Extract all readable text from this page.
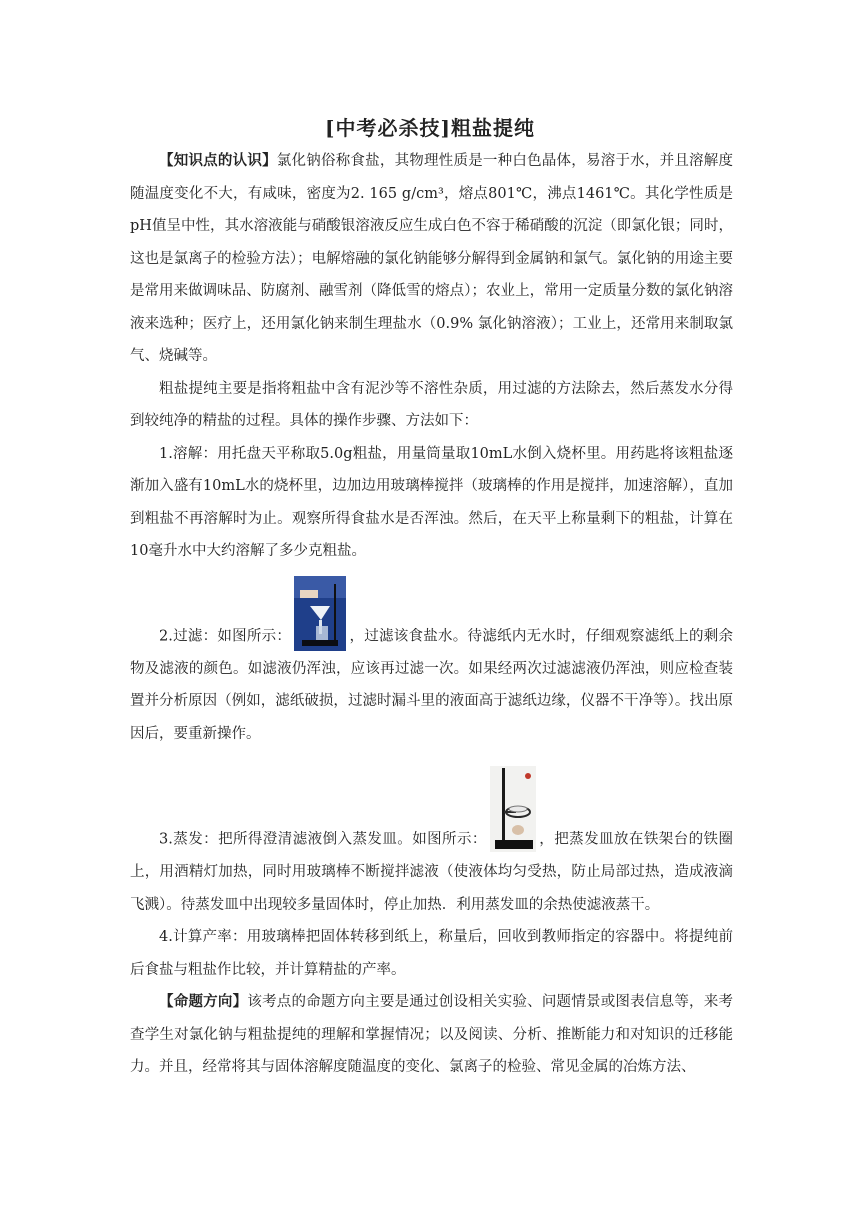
[中考必杀技]粗盐提纯

【知识点的认识】氯化钠俗称食盐，其物理性质是一种白色晶体，易溶于水，并且溶解度随温度变化不大，有咸味，密度为2. 165 g/cm³，熔点801℃，沸点1461℃。其化学性质是pH值呈中性，其水溶液能与硝酸银溶液反应生成白色不容于稀硝酸的沉淀（即氯化银；同时，这也是氯离子的检验方法）；电解熔融的氯化钠能够分解得到金属钠和氯气。氯化钠的用途主要是常用来做调味品、防腐剂、融雪剂（降低雪的熔点）；农业上，常用一定质量分数的氯化钠溶液来选种；医疗上，还用氯化钠来制生理盐水（0.9% 氯化钠溶液）；工业上，还常用来制取氯气、烧碱等。

粗盐提纯主要是指将粗盐中含有泥沙等不溶性杂质，用过滤的方法除去，然后蒸发水分得到较纯净的精盐的过程。具体的操作步骤、方法如下：

1.溶解：用托盘天平称取5.0g粗盐，用量筒量取10mL水倒入烧杯里。用药匙将该粗盐逐渐加入盛有10mL水的烧杯里，边加边用玻璃棒搅拌（玻璃棒的作用是搅拌，加速溶解），直加到粗盐不再溶解时为止。观察所得食盐水是否浑浊。然后，在天平上称量剩下的粗盐，计算在10毫升水中大约溶解了多少克粗盐。

2.过滤：如图所示：	，过滤该食盐水。待滤纸内无水时，仔细观察滤纸上的剩余物及滤液的颜色。如滤液仍浑浊，应该再过滤一次。如果经两次过滤滤液仍浑浊，则应检查装置并分析原因（例如，滤纸破损，过滤时漏斗里的液面高于滤纸边缘，仪器不干净等）。找出原因后，要重新操作。

3.蒸发：把所得澄清滤液倒入蒸发皿。如图所示：	，把蒸发皿放在铁架台的铁圈上，用酒精灯加热，同时用玻璃棒不断搅拌滤液（使液体均匀受热，防止局部过热，造成液滴飞溅）。待蒸发皿中出现较多量固体时，停止加热．利用蒸发皿的余热使滤液蒸干。

4.计算产率：用玻璃棒把固体转移到纸上，称量后，回收到教师指定的容器中。将提纯前后食盐与粗盐作比较，并计算精盐的产率。

【命题方向】该考点的命题方向主要是通过创设相关实验、问题情景或图表信息等，来考查学生对氯化钠与粗盐提纯的理解和掌握情况；以及阅读、分析、推断能力和对知识的迁移能力。并且，经常将其与固体溶解度随温度的变化、氯离子的检验、常见金属的冶炼方法、
